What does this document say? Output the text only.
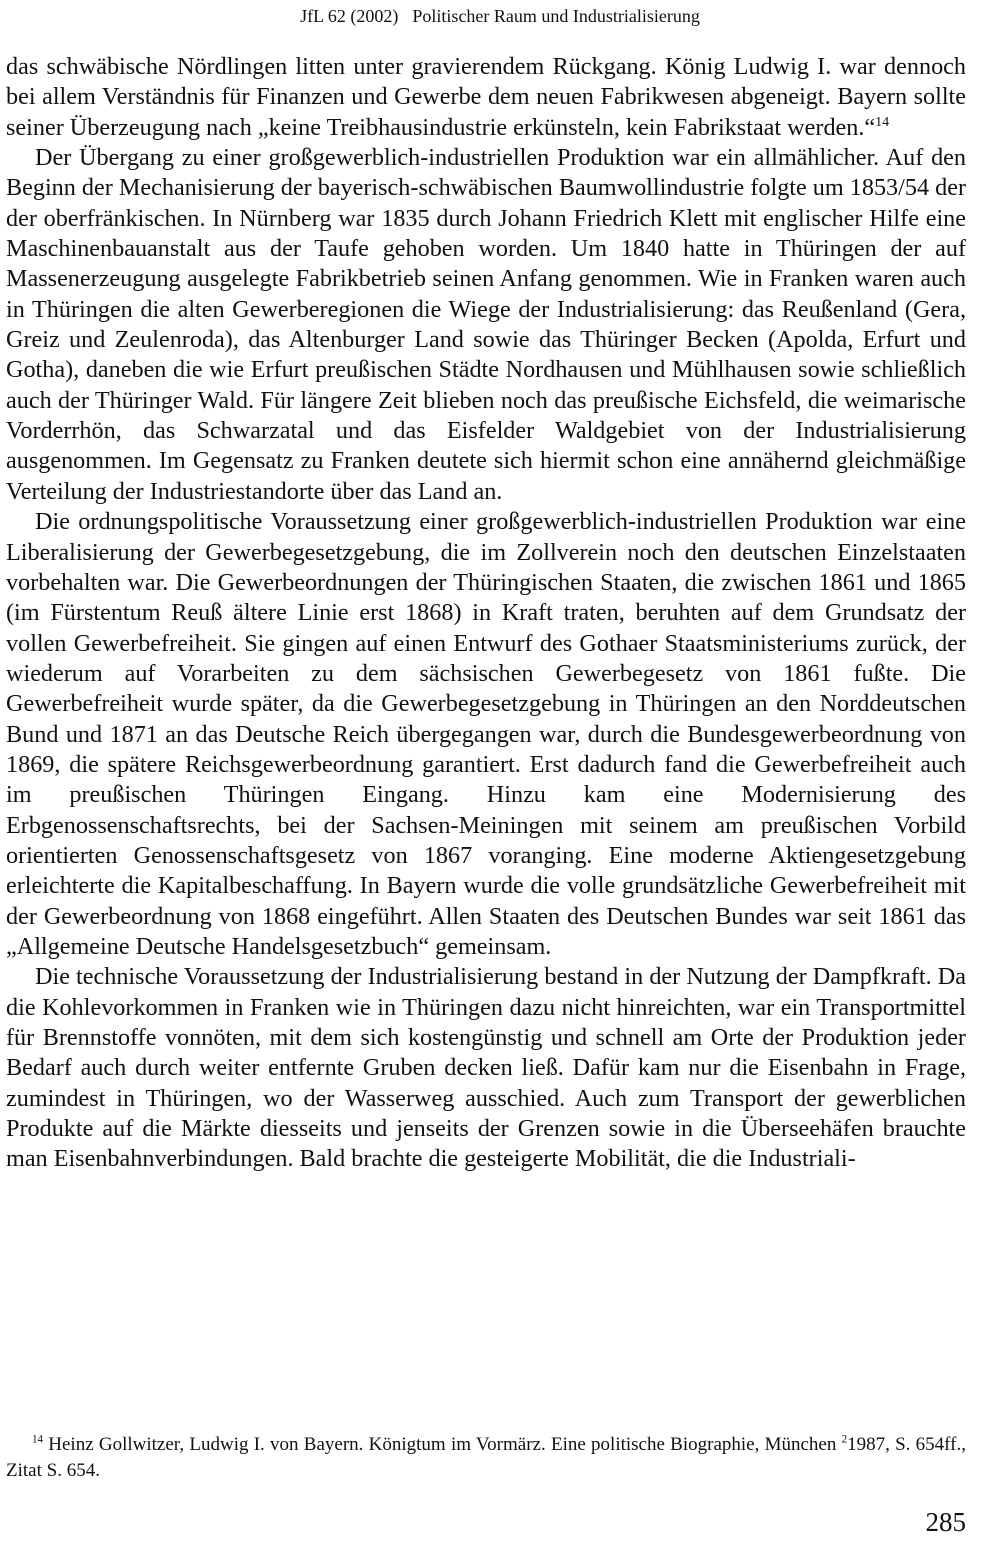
JfL 62 (2002) Politischer Raum und Industrialisierung

das schwäbische Nördlingen litten unter gravierendem Rückgang. König Ludwig I. war dennoch bei allem Verständnis für Finanzen und Gewerbe dem neuen Fabrikwesen abgeneigt. Bayern sollte seiner Überzeugung nach „keine Treibhausindustrie erkünsteln, kein Fabrikstaat werden.“$^{14}$

Der Übergang zu einer großgewerblich-industriellen Produktion war ein allmählicher. Auf den Beginn der Mechanisierung der bayerisch-schwäbischen Baumwollindustrie folgte um 1853/54 der der oberfränkischen. In Nürnberg war 1835 durch Johann Friedrich Klett mit englischer Hilfe eine Maschinenbauanstalt aus der Taufe gehoben worden. Um 1840 hatte in Thüringen der auf Massenerzeugung ausgelegte Fabrikbetrieb seinen Anfang genommen. Wie in Franken waren auch in Thüringen die alten Gewerberegionen die Wiege der Industrialisierung: das Reußenland (Gera, Greiz und Zeulenroda), das Altenburger Land sowie das Thüringer Becken (Apolda, Erfurt und Gotha), daneben die wie Erfurt preußischen Städte Nordhausen und Mühlhausen sowie schließlich auch der Thüringer Wald. Für längere Zeit blieben noch das preußische Eichsfeld, die weimarische Vorderrhön, das Schwarzatal und das Eisfelder Waldgebiet von der Industrialisierung ausgenommen. Im Gegensatz zu Franken deutete sich hiermit schon eine annähernd gleichmäßige Verteilung der Industriestandorte über das Land an.

Die ordnungspolitische Voraussetzung einer großgewerblich-industriellen Produktion war eine Liberalisierung der Gewerbegesetzgebung, die im Zollverein noch den deutschen Einzelstaaten vorbehalten war. Die Gewerbeordnungen der Thüringischen Staaten, die zwischen 1861 und 1865 (im Fürstentum Reuß ältere Linie erst 1868) in Kraft traten, beruhten auf dem Grundsatz der vollen Gewerbefreiheit. Sie gingen auf einen Entwurf des Gothaer Staatsministeriums zurück, der wiederum auf Vorarbeiten zu dem sächsischen Gewerbegesetz von 1861 fußte. Die Gewerbefreiheit wurde später, da die Gewerbegesetzgebung in Thüringen an den Norddeutschen Bund und 1871 an das Deutsche Reich übergegangen war, durch die Bundesgewerbeordnung von 1869, die spätere Reichsgewerbeordnung garantiert. Erst dadurch fand die Gewerbefreiheit auch im preußischen Thüringen Eingang. Hinzu kam eine Modernisierung des Erbgenossenschaftsrechts, bei der Sachsen-Meiningen mit seinem am preußischen Vorbild orientierten Genossenschaftsgesetz von 1867 voranging. Eine moderne Aktiengesetzgebung erleichterte die Kapitalbeschaffung. In Bayern wurde die volle grundsätzliche Gewerbefreiheit mit der Gewerbeordnung von 1868 eingeführt. Allen Staaten des Deutschen Bundes war seit 1861 das „Allgemeine Deutsche Handelsgesetzbuch“ gemeinsam.

Die technische Voraussetzung der Industrialisierung bestand in der Nutzung der Dampfkraft. Da die Kohlevorkommen in Franken wie in Thüringen dazu nicht hinreichten, war ein Transportmittel für Brennstoffe vonnöten, mit dem sich kostengünstig und schnell am Orte der Produktion jeder Bedarf auch durch weiter entfernte Gruben decken ließ. Dafür kam nur die Eisenbahn in Frage, zumindest in Thüringen, wo der Wasserweg ausschied. Auch zum Transport der gewerblichen Produkte auf die Märkte diesseits und jenseits der Grenzen sowie in die Überseehäfen brauchte man Eisenbahnverbindungen. Bald brachte die gesteigerte Mobilität, die die Industriali-

$^{14}$ Heinz Gollwitzer, Ludwig I. von Bayern. Königtum im Vormärz. Eine politische Biographie, München $^2$1987, S. 654ff., Zitat S. 654.

285
